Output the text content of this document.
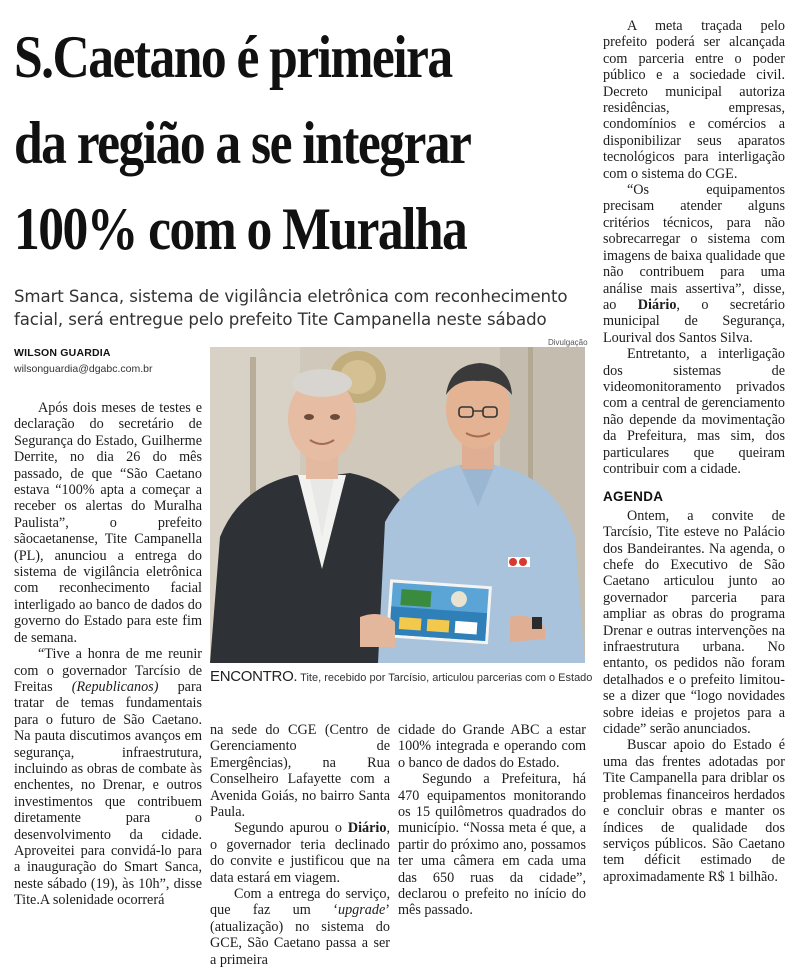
S.Caetano é primeira
da região a se integrar
100% com o Muralha
Smart Sanca, sistema de vigilância eletrônica com reconhecimento facial, será entregue pelo prefeito Tite Campanella neste sábado
WILSON GUARDIA
wilsonguardia@dgabc.com.br
Divulgação
ENCONTRO. Tite, recebido por Tarcísio, articulou parcerias com o Estado

Após dois meses de testes e declaração do secretário de Segurança do Estado, Guilherme Derrite, no dia 26 do mês passado, de que “São Caetano estava “100% apta a começar a receber os alertas do Muralha Paulista”, o prefeito sãocaetanense, Tite Campanella (PL), anunciou a entrega do sistema de vigilância eletrônica com reconhecimento facial interligado ao banco de dados do governo do Estado para este fim de semana.

“Tive a honra de me reunir com o governador Tarcísio de Freitas (Republicanos) para tratar de temas fundamentais para o futuro de São Caetano. Na pauta discutimos avanços em segurança, infraestrutura, incluindo as obras de combate às enchentes, no Drenar, e outros investimentos que contribuem diretamente para o desenvolvimento da cidade. Aproveitei para convidá-lo para a inauguração do Smart Sanca, neste sábado (19), às 10h”, disse Tite.A solenidade ocorrerá

na sede do CGE (Centro de Gerenciamento de Emergências), na Rua Conselheiro Lafayette com a Avenida Goiás, no bairro Santa Paula.

Segundo apurou o Diário, o governador teria declinado do convite e justificou que na data estará em viagem.

Com a entrega do serviço, que faz um ‘upgrade’ (atualização) no sistema do GCE, São Caetano passa a ser a primeira

cidade do Grande ABC a estar 100% integrada e operando com o banco de dados do Estado.

Segundo a Prefeitura, há 470 equipamentos monitorando os 15 quilômetros quadrados do município. “Nossa meta é que, a partir do próximo ano, possamos ter uma câmera em cada uma das 650 ruas da cidade”, declarou o prefeito no início do mês passado.

A meta traçada pelo prefeito poderá ser alcançada com parceria entre o poder público e a sociedade civil. Decreto municipal autoriza residências, empresas, condomínios e comércios a disponibilizar seus aparatos tecnológicos para interligação com o sistema do CGE.

“Os equipamentos precisam atender alguns critérios técnicos, para não sobrecarregar o sistema com imagens de baixa qualidade que não contribuem para uma análise mais assertiva”, disse, ao Diário, o secretário municipal de Segurança, Lourival dos Santos Silva.

Entretanto, a interligação dos sistemas de videomonitoramento privados com a central de gerenciamento não depende da movimentação da Prefeitura, mas sim, dos particulares que queiram contribuir com a cidade.

AGENDA

Ontem, a convite de Tarcísio, Tite esteve no Palácio dos Bandeirantes. Na agenda, o chefe do Executivo de São Caetano articulou junto ao governador parceria para ampliar as obras do programa Drenar e outras intervenções na infraestrutura urbana. No entanto, os pedidos não foram detalhados e o prefeito limitou-se a dizer que “logo novidades sobre ideias e projetos para a cidade” serão anunciados.

Buscar apoio do Estado é uma das frentes adotadas por Tite Campanella para driblar os problemas financeiros herdados e concluir obras e manter os índices de qualidade dos serviços públicos. São Caetano tem déficit estimado de aproximadamente R$ 1 bilhão.
